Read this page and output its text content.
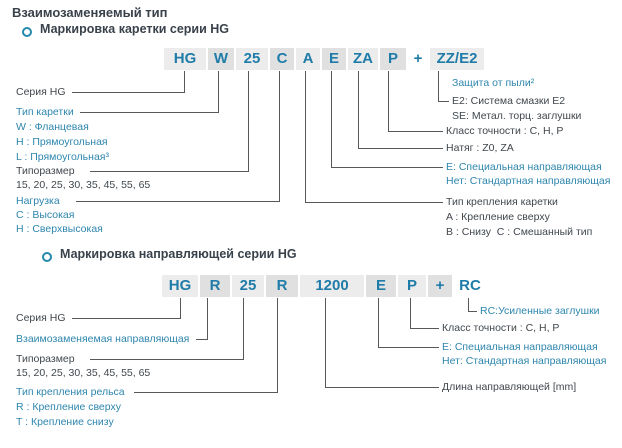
Взаимозаменяемый тип
Маркировка каретки серии HG
HG	W	25	C	A	E ZA P	+ ZZ/E2
Серия HG
Тип каретки
W : Фланцевая
H : Прямоугольная
L : Прямоугольная³
Типоразмер
15, 20, 25, 30, 35, 45, 55, 65
Нагрузка
C : Высокая
H : Сверхвысокая
Защита от пыли²
E2: Система смазки E2
SE: Метал. торц. заглушки
Класс точности : C, H, P
Натяг : Z0, ZA
E: Специальная направляющая
Нет: Стандартная направляющая
Тип крепления каретки
A : Крепление сверху
B : Снизу  C : Смешанный тип
Маркировка направляющей серии HG
HG	R	25	R	1200	E	P	+ RC
Серия HG
Взаимозаменяемая направляющая
Типоразмер
15, 20, 25, 30, 35, 45, 55, 65
Тип крепления рельса
R : Крепление сверху
T : Крепление снизу
RC:Усиленные заглушки
Класс точности : C, H, P
E: Специальная направляющая
Нет: Стандартная направляющая
Длина направляющей [mm]
